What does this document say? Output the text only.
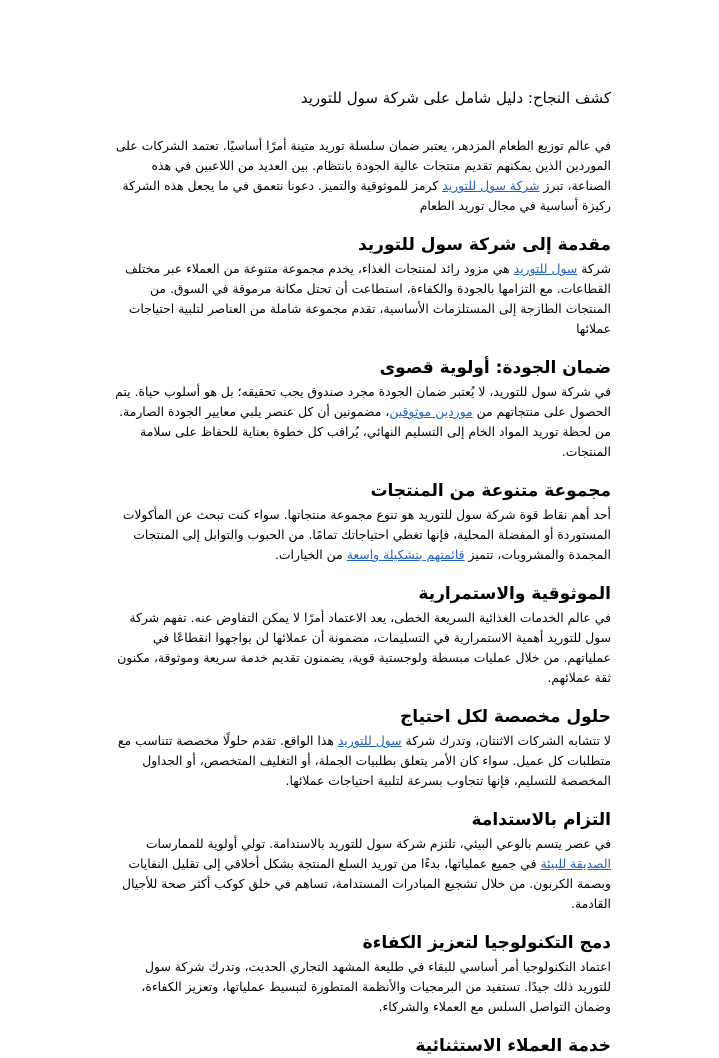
كشف النجاح: دليل شامل على شركة سول للتوريد

في عالم توزيع الطعام المزدهر، يعتبر ضمان سلسلة توريد متينة أمرًا أساسيًا. تعتمد الشركات على الموردين الذين يمكنهم تقديم منتجات عالية الجودة بانتظام. بين العديد من اللاعبين في هذه الصناعة، تبرز شركة سول للتوريد كرمز للموثوقية والتميز. دعونا نتعمق في ما يجعل هذه الشركة ركيزة أساسية في مجال توريد الطعام

مقدمة إلى شركة سول للتوريد

شركة سول للتوريد هي مزود رائد لمنتجات الغذاء، يخدم مجموعة متنوعة من العملاء عبر مختلف القطاعات. مع التزامها بالجودة والكفاءة، استطاعت أن تحتل مكانة مرموقة في السوق. من المنتجات الطازجة إلى المستلزمات الأساسية، تقدم مجموعة شاملة من العناصر لتلبية احتياجات عملائها

ضمان الجودة: أولوية قصوى

في شركة سول للتوريد، لا يُعتبر ضمان الجودة مجرد صندوق يجب تحقيقه؛ بل هو أسلوب حياة. يتم الحصول على منتجاتهم من موردين موثوقين، مضمونين أن كل عنصر يلبي معايير الجودة الصارمة. من لحظة توريد المواد الخام إلى التسليم النهائي، يُراقب كل خطوة بعناية للحفاظ على سلامة المنتجات.

مجموعة متنوعة من المنتجات

أحد أهم نقاط قوة شركة سول للتوريد هو تنوع مجموعة منتجاتها. سواء كنت تبحث عن المأكولات المستوردة أو المفضلة المحلية، فإنها تغطي احتياجاتك تمامًا. من الحبوب والتوابل إلى المنتجات المجمدة والمشروبات، تتميز قائمتهم بتشكيلة واسعة من الخيارات.

الموثوقية والاستمرارية

في عالم الخدمات الغذائية السريعة الخطى، يعد الاعتماد أمرًا لا يمكن التفاوض عنه. تفهم شركة سول للتوريد أهمية الاستمرارية في التسليمات، مضمونة أن عملائها لن يواجهوا انقطاعًا في عملياتهم. من خلال عمليات مبسطة ولوجستية قوية، يضمنون تقديم خدمة سريعة وموثوقة، مكنون ثقة عملائهم.

حلول مخصصة لكل احتياج

لا تتشابه الشركات الاثنتان، وتدرك شركة سول للتوريد هذا الواقع. تقدم حلولًا مخصصة تتناسب مع متطلبات كل عميل. سواء كان الأمر يتعلق بطلبيات الجملة، أو التغليف المتخصص، أو الجداول المخصصة للتسليم، فإنها تتجاوب بسرعة لتلبية احتياجات عملائها.

التزام بالاستدامة

في عصر يتسم بالوعي البيئي، تلتزم شركة سول للتوريد بالاستدامة. تولي أولوية للممارسات الصديقة للبيئة في جميع عملياتها، بدءًا من توريد السلع المنتجة بشكل أخلاقي إلى تقليل النفايات وبصمة الكربون. من خلال تشجيع المبادرات المستدامة، تساهم في خلق كوكب أكثر صحة للأجيال القادمة.

دمج التكنولوجيا لتعزيز الكفاءة

اعتماد التكنولوجيا أمر أساسي للبقاء في طليعة المشهد التجاري الحديث، وتدرك شركة سول للتوريد ذلك جيدًا. تستفيد من البرمجيات والأنظمة المتطورة لتبسيط عملياتها، وتعزيز الكفاءة، وضمان التواصل السلس مع العملاء والشركاء.

خدمة العملاء الاستثنائية
